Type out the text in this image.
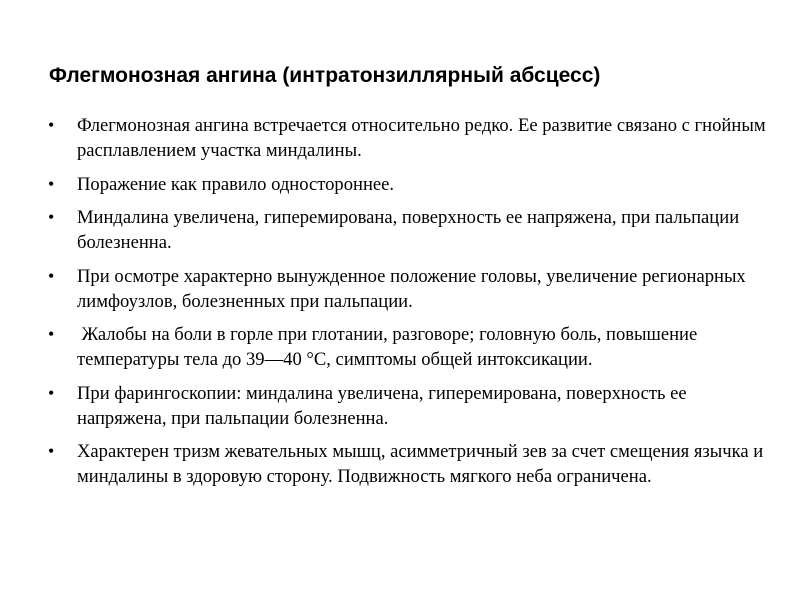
Флегмонозная ангина (интратонзиллярный абсцесс)
•	Флегмонозная ангина встречается относительно редко. Ее развитие связано с гнойным расплавлением участка миндалины.
•	Поражение как правило одностороннее.
•	Миндалина увеличена, гиперемирована, поверхность ее напряжена, при пальпации болезненна.
•	При осмотре характерно вынужденное положение головы, увеличение регионарных лимфоузлов, болезненных при пальпации.
•	Жалобы на боли в горле при глотании, разговоре; головную боль, повышение температуры тела до 39—40 °С, симптомы общей интоксикации.
•	При фарингоскопии: миндалина увеличена, гиперемирована, поверхность ее напряжена, при пальпации болезненна.
•	Характерен тризм жевательных мышц, асимметричный зев за счет смещения язычка и миндалины в здоровую сторону. Подвижность мягкого неба ограничена.
